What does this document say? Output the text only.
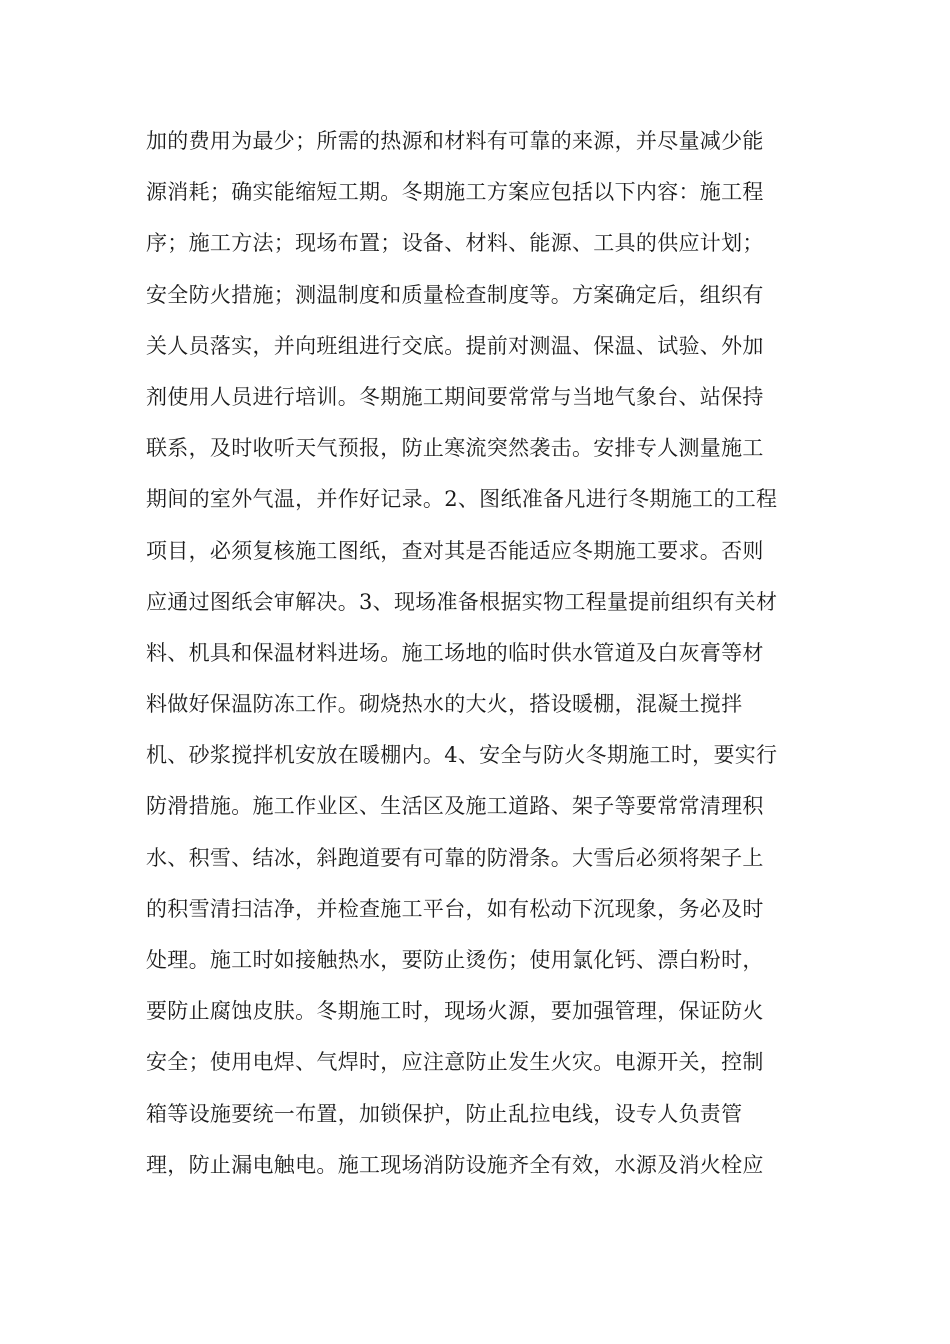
加的费用为最少；所需的热源和材料有可靠的来源，并尽量减少能
源消耗；确实能缩短工期。冬期施工方案应包括以下内容：施工程
序；施工方法；现场布置；设备、材料、能源、工具的供应计划；
安全防火措施；测温制度和质量检查制度等。方案确定后，组织有
关人员落实，并向班组进行交底。提前对测温、保温、试验、外加
剂使用人员进行培训。冬期施工期间要常常与当地气象台、站保持
联系，及时收听天气预报，防止寒流突然袭击。安排专人测量施工
期间的室外气温，并作好记录。2、图纸准备凡进行冬期施工的工程
项目，必须复核施工图纸，查对其是否能适应冬期施工要求。否则
应通过图纸会审解决。3、现场准备根据实物工程量提前组织有关材
料、机具和保温材料进场。施工场地的临时供水管道及白灰膏等材
料做好保温防冻工作。砌烧热水的大火，搭设暖棚，混凝土搅拌
机、砂浆搅拌机安放在暖棚内。4、安全与防火冬期施工时，要实行
防滑措施。施工作业区、生活区及施工道路、架子等要常常清理积
水、积雪、结冰，斜跑道要有可靠的防滑条。大雪后必须将架子上
的积雪清扫洁净，并检查施工平台，如有松动下沉现象，务必及时
处理。施工时如接触热水，要防止烫伤；使用氯化钙、漂白粉时，
要防止腐蚀皮肤。冬期施工时，现场火源，要加强管理，保证防火
安全；使用电焊、气焊时，应注意防止发生火灾。电源开关，控制
箱等设施要统一布置，加锁保护，防止乱拉电线，设专人负责管
理，防止漏电触电。施工现场消防设施齐全有效，水源及消火栓应
